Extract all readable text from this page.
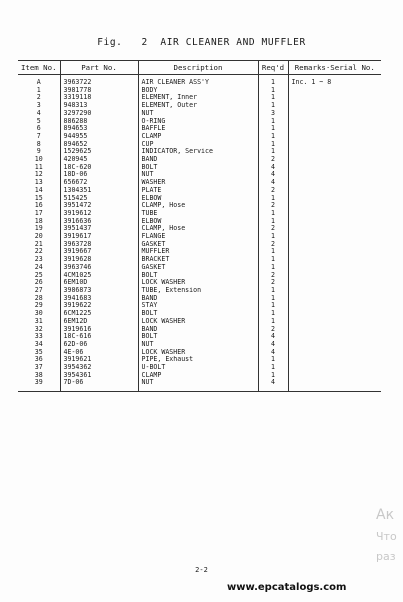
Fig.   2  AIR CLEANER AND MUFFLER
Item No.	Part No.	Description	Req'd	Remarks·Serial No.
A	3963722	AIR CLEANER ASS'Y	1	Inc. 1 ~ 8
1	3981778	BODY	1	
2	3319118	ELEMENT, Inner	1	
3	948313	ELEMENT, Outer	1	
4	3297290	NUT	3	
5	886288	O-RING	1	
6	894653	BAFFLE	1	
7	944955	CLAMP	1	
8	894652	CUP	1	
9	1529625	INDICATOR, Service	1	
10	420945	BAND	2	
11	18C-620	BOLT	4	
12	18D-06	NUT	4	
13	656672	WASHER	4	
14	1304351	PLATE	2	
15	515425	ELBOW	1	
16	3951472	CLAMP, Hose	2	
17	3919612	TUBE	1	
18	3916636	ELBOW	1	
19	3951437	CLAMP, Hose	2	
20	3919617	FLANGE	1	
21	3963728	GASKET	2	
22	3919667	MUFFLER	1	
23	3919628	BRACKET	1	
24	3963746	GASKET	1	
25	4CM1025	BOLT	2	
26	6EM10D	LOCK WASHER	2	
27	3986873	TUBE, Extension	1	
28	3941683	BAND	1	
29	3919622	STAY	1	
30	6CM1225	BOLT	1	
31	6EM12D	LOCK WASHER	1	
32	3919616	BAND	2	
33	18C-616	BOLT	4	
34	62D-06	NUT	4	
35	4E-06	LOCK WASHER	4	
36	3919621	PIPE, Exhaust	1	
37	3954362	U-BOLT	1	
38	3954361	CLAMP	1	
39	7D-06	NUT	4	
2-2
www.epcatalogs.com
Ак
Что
раз
